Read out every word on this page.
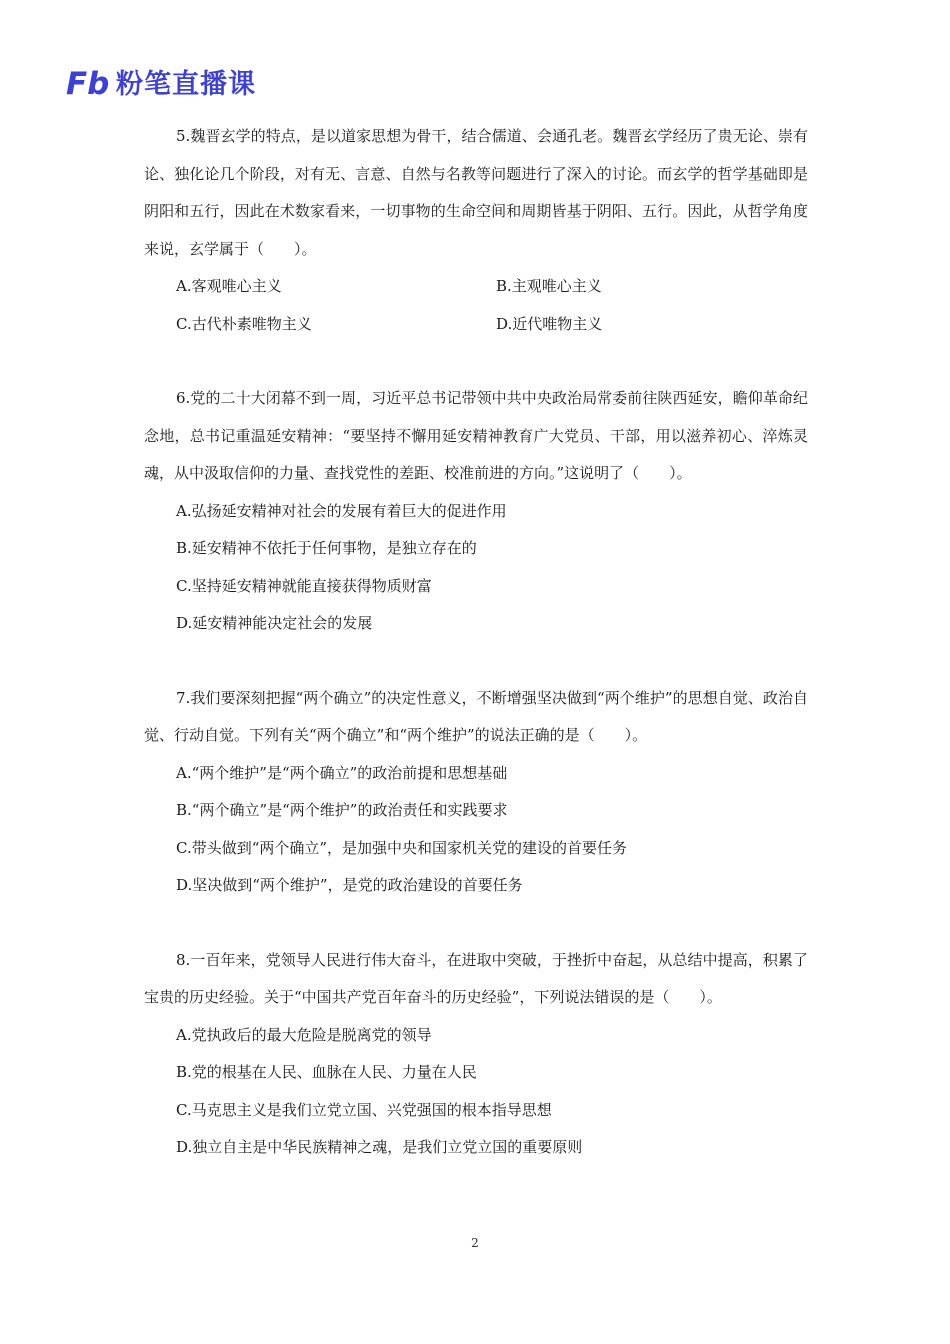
Fb 粉笔直播课

5.魏晋玄学的特点，是以道家思想为骨干，结合儒道、会通孔老。魏晋玄学经历了贵无论、崇有论、独化论几个阶段，对有无、言意、自然与名教等问题进行了深入的讨论。而玄学的哲学基础即是阴阳和五行，因此在术数家看来，一切事物的生命空间和周期皆基于阴阳、五行。因此，从哲学角度来说，玄学属于（　　）。

A.客观唯心主义	B.主观唯心主义
C.古代朴素唯物主义	D.近代唯物主义

6.党的二十大闭幕不到一周，习近平总书记带领中共中央政治局常委前往陕西延安，瞻仰革命纪念地，总书记重温延安精神：“要坚持不懈用延安精神教育广大党员、干部，用以滋养初心、淬炼灵魂，从中汲取信仰的力量、查找党性的差距、校准前进的方向。”这说明了（　　）。

A.弘扬延安精神对社会的发展有着巨大的促进作用
B.延安精神不依托于任何事物，是独立存在的
C.坚持延安精神就能直接获得物质财富
D.延安精神能决定社会的发展

7.我们要深刻把握“两个确立”的决定性意义，不断增强坚决做到“两个维护”的思想自觉、政治自觉、行动自觉。下列有关“两个确立”和“两个维护”的说法正确的是（　　）。

A.“两个维护”是“两个确立”的政治前提和思想基础
B.“两个确立”是“两个维护”的政治责任和实践要求
C.带头做到“两个确立”，是加强中央和国家机关党的建设的首要任务
D.坚决做到“两个维护”，是党的政治建设的首要任务

8.一百年来，党领导人民进行伟大奋斗，在进取中突破，于挫折中奋起，从总结中提高，积累了宝贵的历史经验。关于“中国共产党百年奋斗的历史经验”，下列说法错误的是（　　）。

A.党执政后的最大危险是脱离党的领导
B.党的根基在人民、血脉在人民、力量在人民
C.马克思主义是我们立党立国、兴党强国的根本指导思想
D.独立自主是中华民族精神之魂，是我们立党立国的重要原则
2
